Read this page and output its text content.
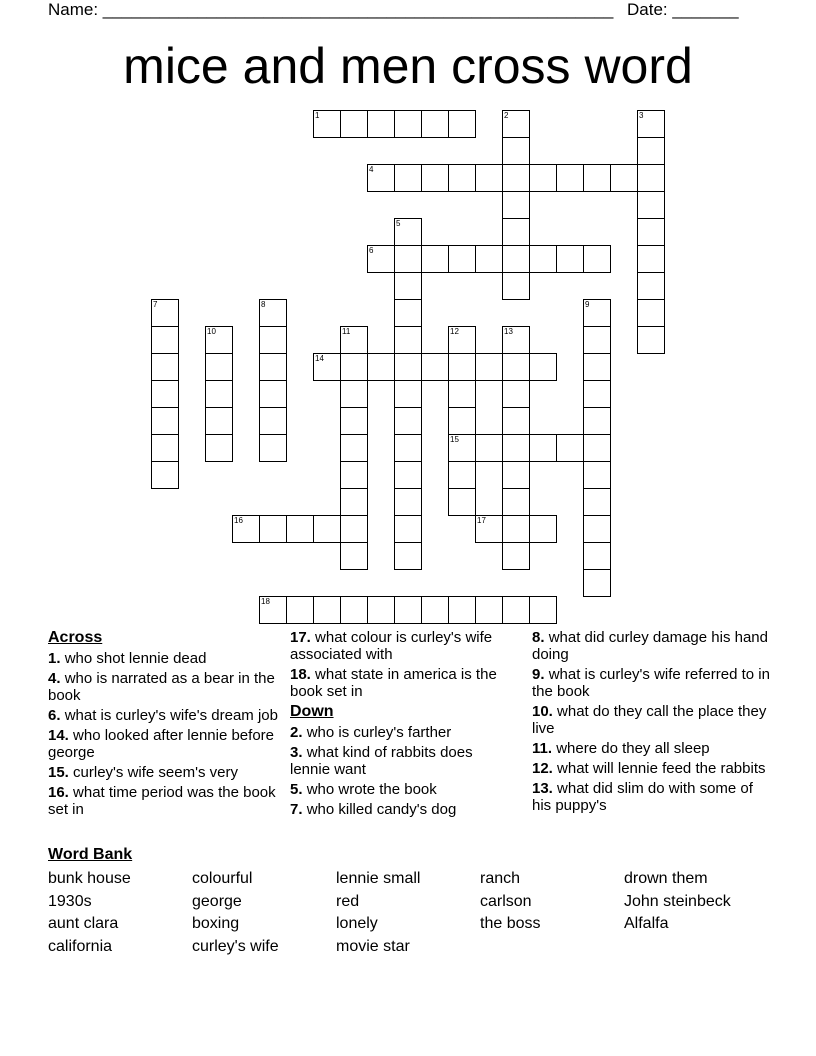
Name: ______________________________________________________ Date: _______
mice and men cross word
1	2	3
4
5
6
7	8	9
10	11	12
15
13
14
16	17
18
Across
1. who shot lennie dead
4. who is narrated as a bear in the book
6. what is curley's wife's dream job
14. who looked after lennie before george
15. curley's wife seem's very
16. what time period was the book set in
17. what colour is curley's wife associated with
18. what state in america is the book set in
Down
2. who is curley's farther
3. what kind of rabbits does lennie want
5. who wrote the book
7. who killed candy's dog
8. what did curley damage his hand doing
9. what is curley's wife referred to in the book
10. what do they call the place they live
11. where do they all sleep
12. what will lennie feed the rabbits
13. what did slim do with some of his puppy's
Word Bank
bunk house
1930s
aunt clara
california
colourful
george
boxing
curley's wife
lennie small
red
lonely
movie star
ranch
carlson
the boss
drown them
John steinbeck
Alfalfa
